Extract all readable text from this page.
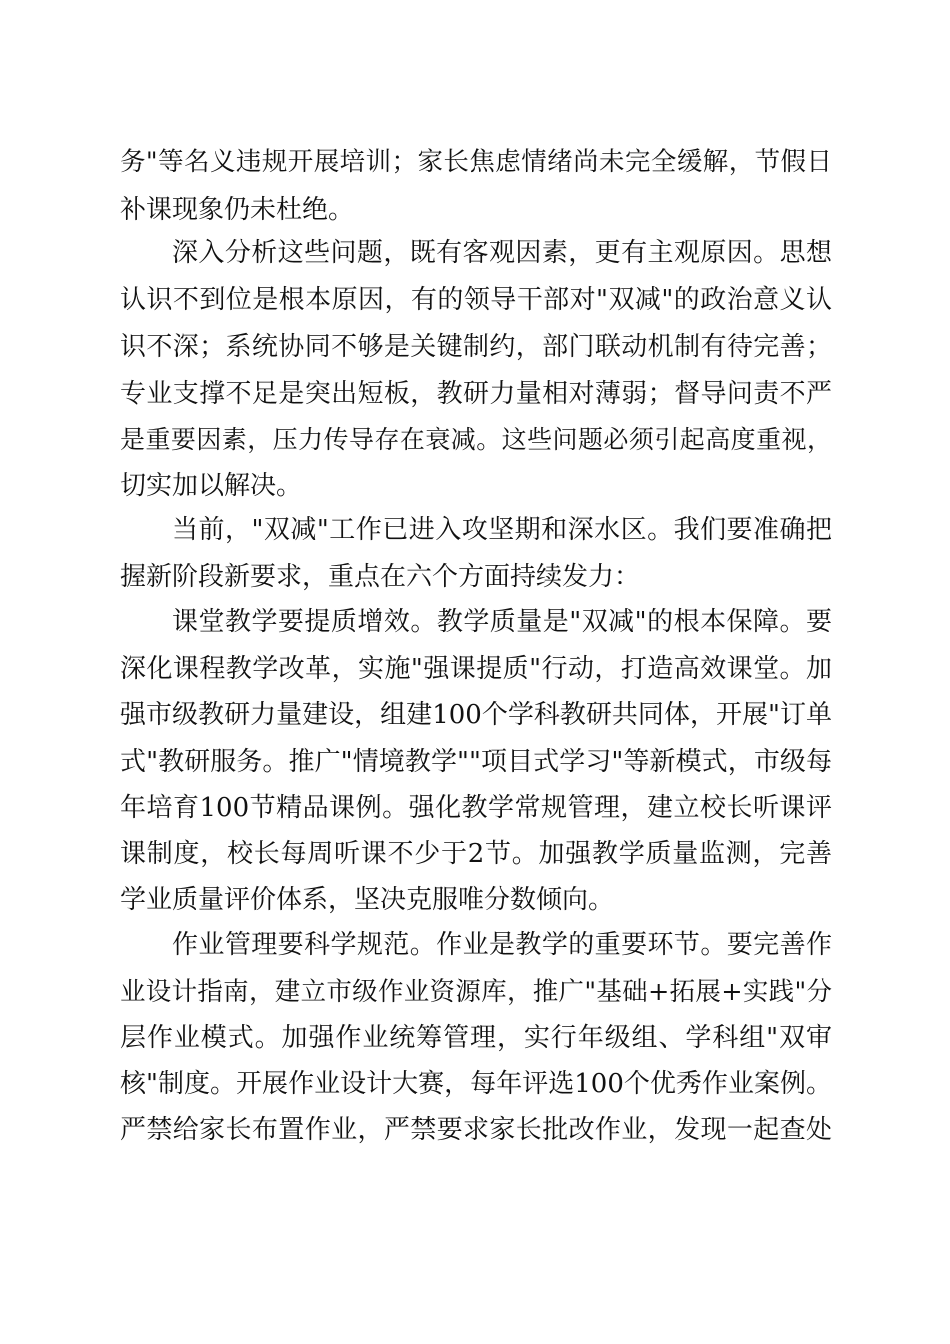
务"等名义违规开展培训；家长焦虑情绪尚未完全缓解，节假日
补课现象仍未杜绝。
深入分析这些问题，既有客观因素，更有主观原因。思想
认识不到位是根本原因，有的领导干部对"双减"的政治意义认
识不深；系统协同不够是关键制约，部门联动机制有待完善；
专业支撑不足是突出短板，教研力量相对薄弱；督导问责不严
是重要因素，压力传导存在衰减。这些问题必须引起高度重视，
切实加以解决。
当前，"双减"工作已进入攻坚期和深水区。我们要准确把
握新阶段新要求，重点在六个方面持续发力：
课堂教学要提质增效。教学质量是"双减"的根本保障。要
深化课程教学改革，实施"强课提质"行动，打造高效课堂。加
强市级教研力量建设，组建100个学科教研共同体，开展"订单
式"教研服务。推广"情境教学""项目式学习"等新模式，市级每
年培育100节精品课例。强化教学常规管理，建立校长听课评
课制度，校长每周听课不少于2节。加强教学质量监测，完善
学业质量评价体系，坚决克服唯分数倾向。
作业管理要科学规范。作业是教学的重要环节。要完善作
业设计指南，建立市级作业资源库，推广"基础+拓展+实践"分
层作业模式。加强作业统筹管理，实行年级组、学科组"双审
核"制度。开展作业设计大赛，每年评选100个优秀作业案例。
严禁给家长布置作业，严禁要求家长批改作业，发现一起查处
